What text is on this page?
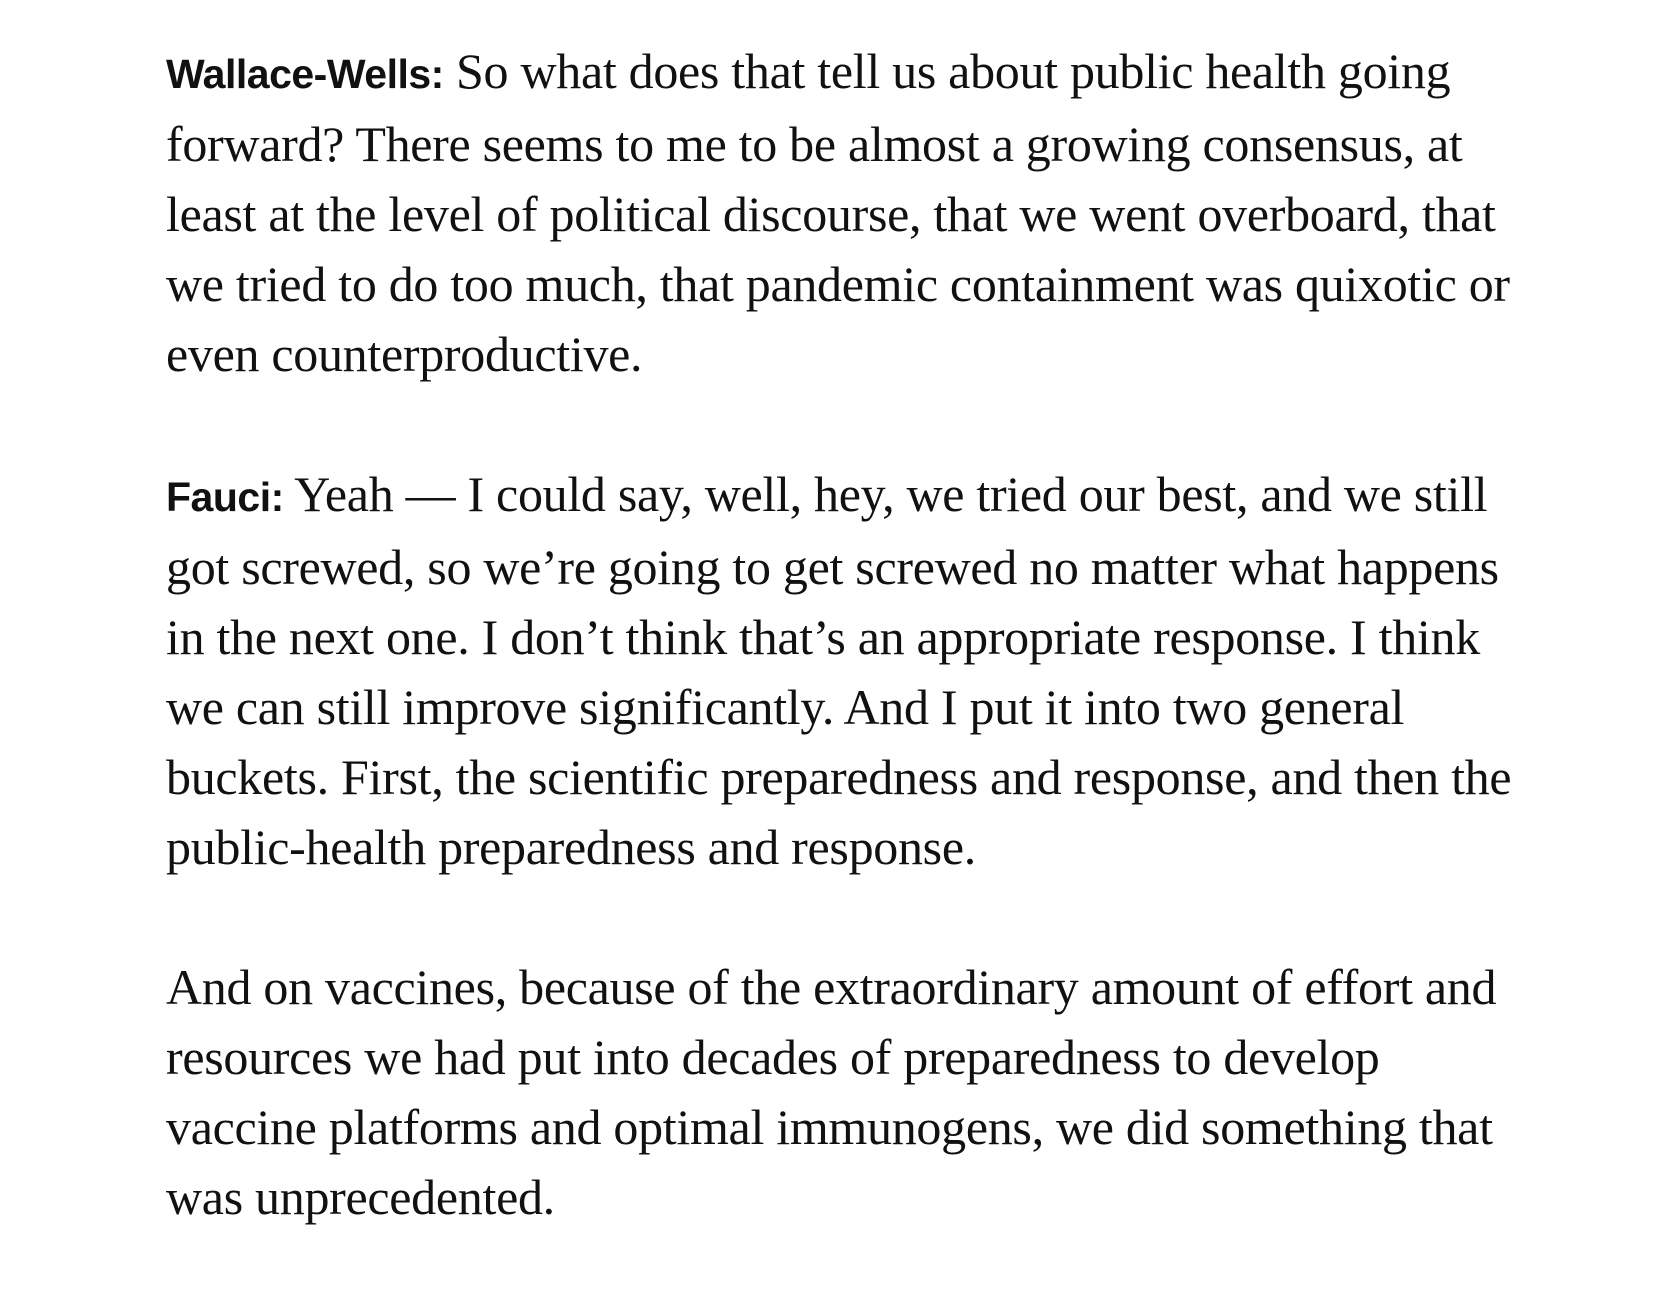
Wallace-Wells: So what does that tell us about public health going forward? There seems to me to be almost a growing consensus, at least at the level of political discourse, that we went overboard, that we tried to do too much, that pandemic containment was quixotic or even counterproductive.

Fauci: Yeah — I could say, well, hey, we tried our best, and we still got screwed, so we’re going to get screwed no matter what happens in the next one. I don’t think that’s an appropriate response. I think we can still improve significantly. And I put it into two general buckets. First, the scientific preparedness and response, and then the public-health preparedness and response.

And on vaccines, because of the extraordinary amount of effort and resources we had put into decades of preparedness to develop vaccine platforms and optimal immunogens, we did something that was unprecedented.
